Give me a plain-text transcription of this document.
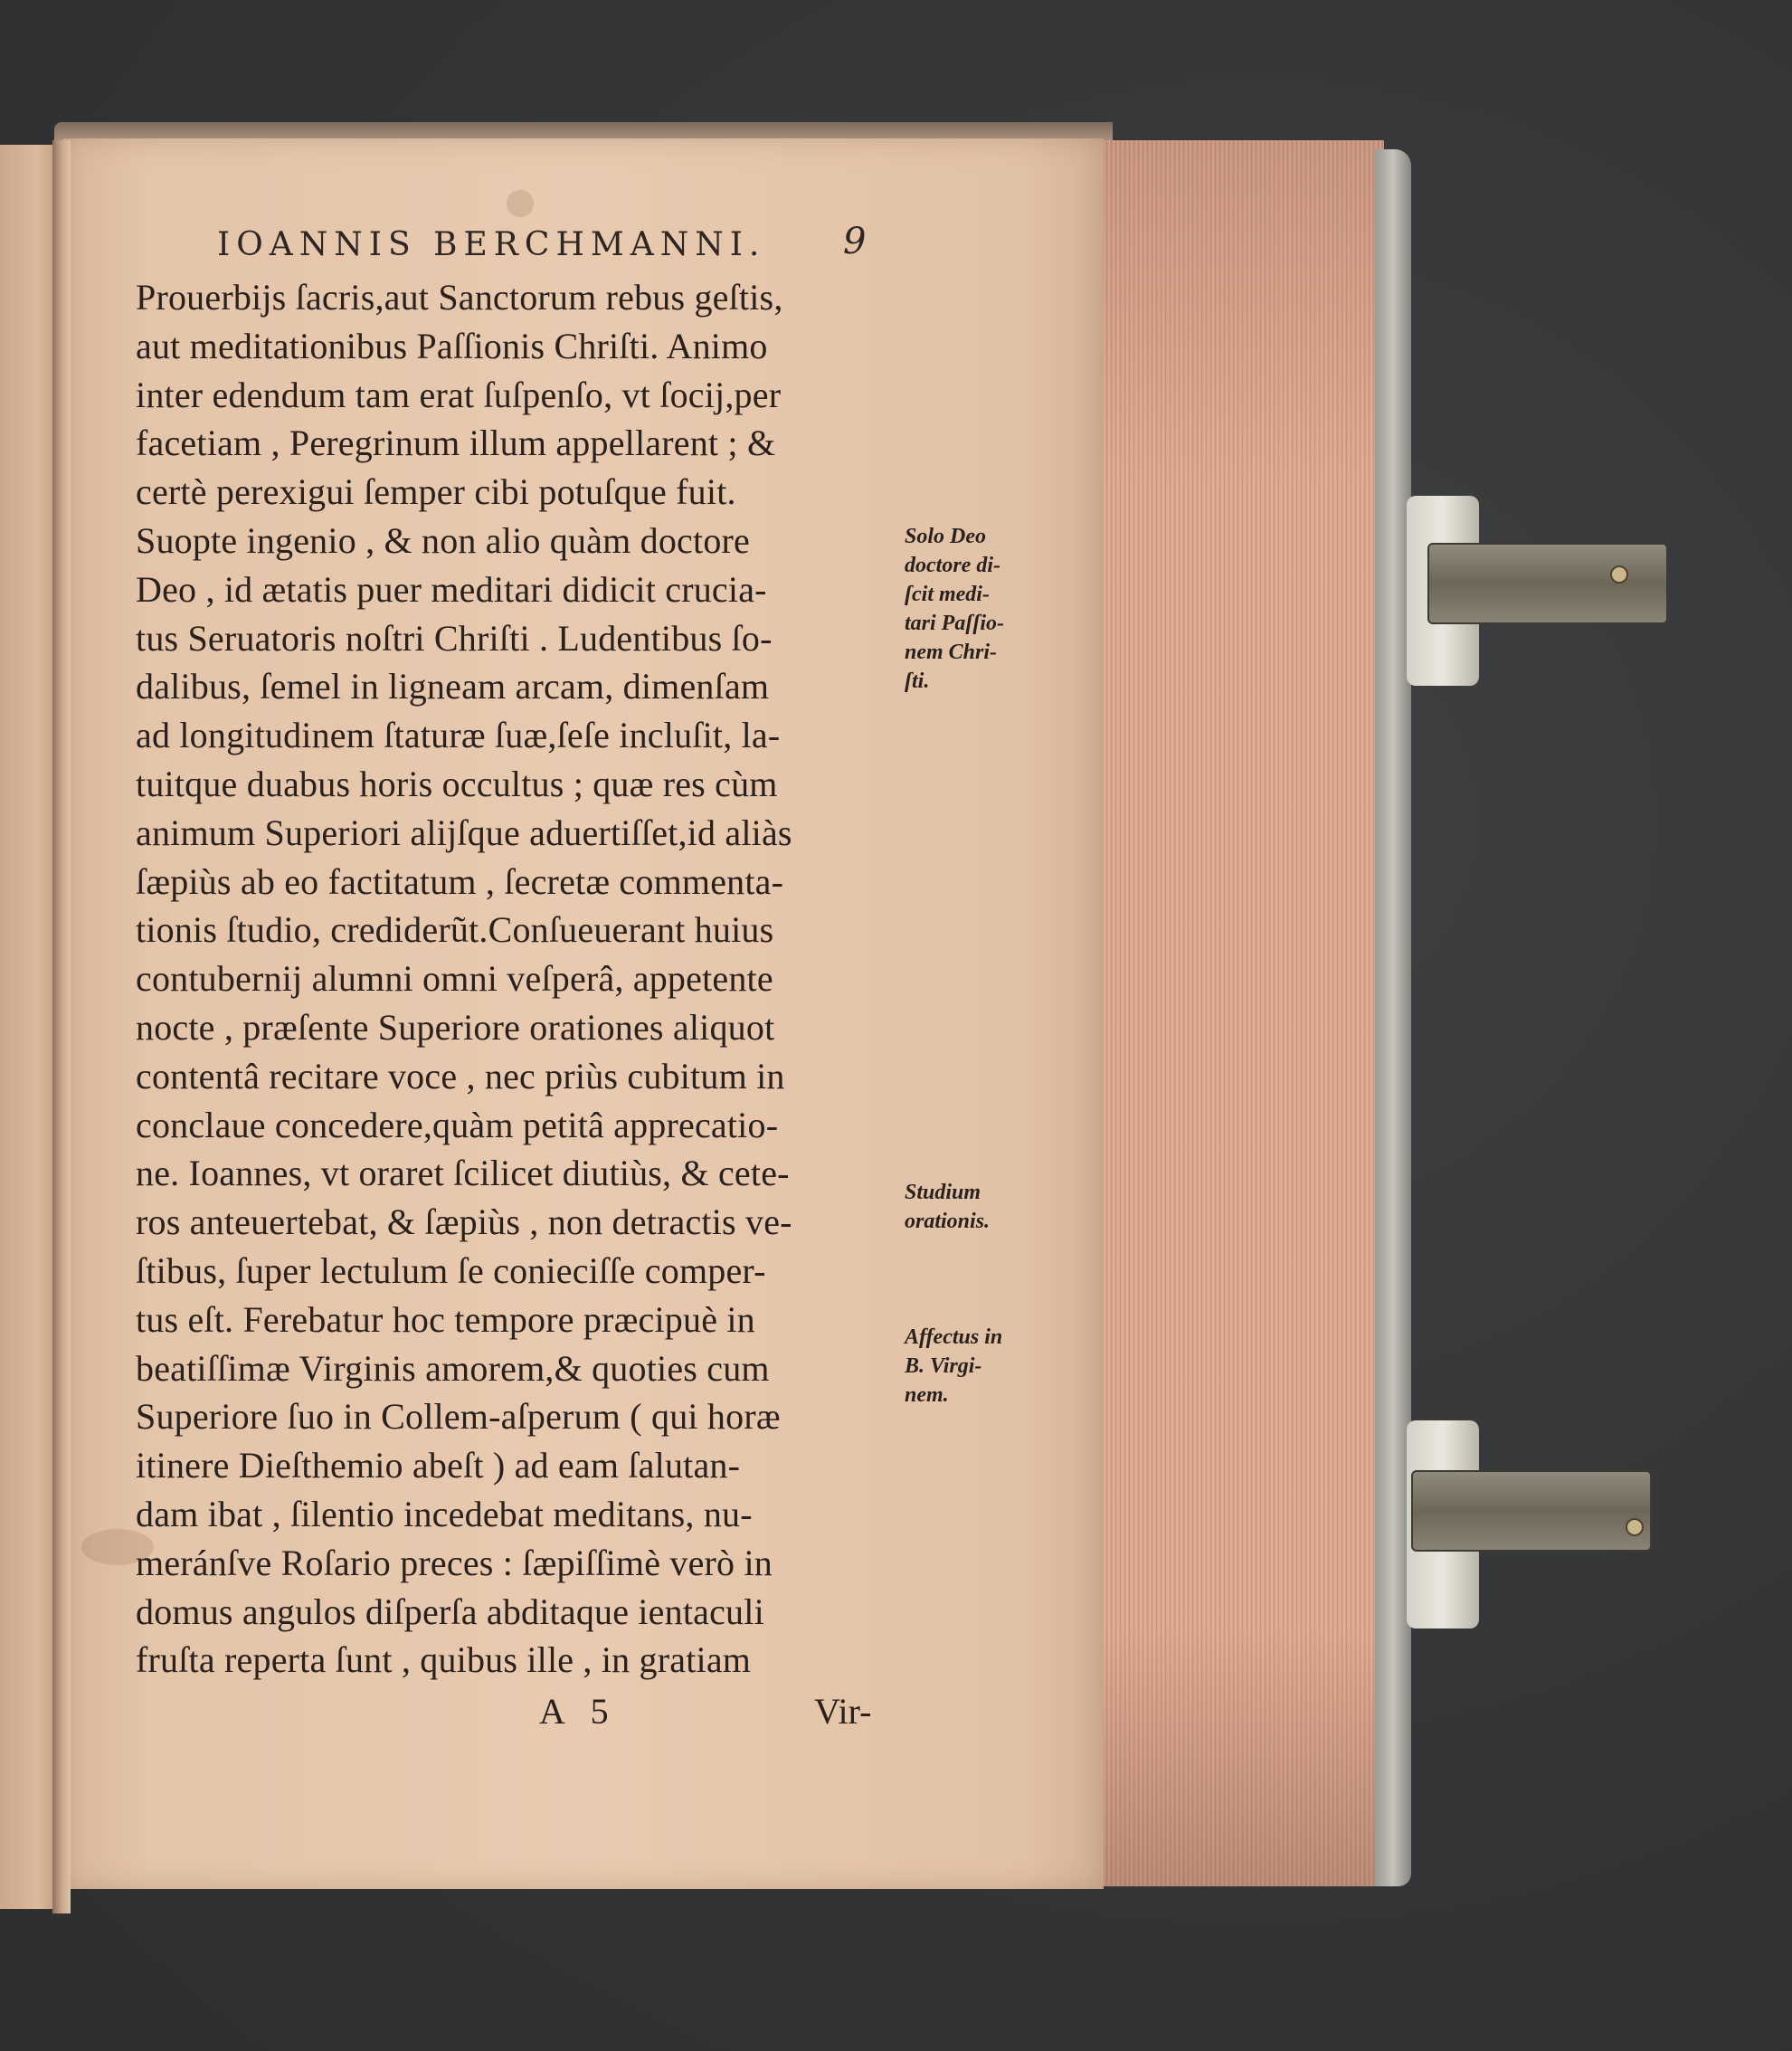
IOANNIS BERCHMANNI. 9
Prouerbijs ſacris,aut Sanctorum rebus geſtis,
aut meditationibus Paſſionis Chriſti. Animo
inter edendum tam erat ſuſpenſo, vt ſocij,per
facetiam , Peregrinum illum appellarent ; &
certè perexigui ſemper cibi potuſque fuit.
Suopte ingenio , & non alio quàm doctore
Deo , id ætatis puer meditari didicit crucia-
tus Seruatoris noſtri Chriſti . Ludentibus ſo-
dalibus, ſemel in ligneam arcam, dimenſam
ad longitudinem ſtaturæ ſuæ,ſeſe incluſit, la-
tuitque duabus horis occultus ; quæ res cùm
animum Superiori alijſque aduertiſſet,id aliàs
ſæpiùs ab eo factitatum , ſecretæ commenta-
tionis ſtudio, crediderũt.Conſueuerant huius
contubernij alumni omni veſperâ, appetente
nocte , præſente Superiore orationes aliquot
contentâ recitare voce , nec priùs cubitum in
conclaue concedere,quàm petitâ apprecatio-
ne. Ioannes, vt oraret ſcilicet diutiùs, & cete-
ros anteuertebat, & ſæpiùs , non detractis ve-
ſtibus, ſuper lectulum ſe conieciſſe comper-
tus eſt. Ferebatur hoc tempore præcipuè in
beatiſſimæ Virginis amorem,& quoties cum
Superiore ſuo in Collem-aſperum ( qui horæ
itinere Dieſthemio abeſt ) ad eam ſalutan-
dam ibat , ſilentio incedebat meditans, nu-
meránſve Roſario preces : ſæpiſſimè verò in
domus angulos diſperſa abditaque ientaculi
fruſta reperta ſunt , quibus ille , in gratiam
Solo Deo
doctore di-
ſcit medi-
tari Paſſio-
nem Chri-
ſti.
Studium
orationis.
Affectus in
B. Virgi-
nem.
A 5	Vir-
